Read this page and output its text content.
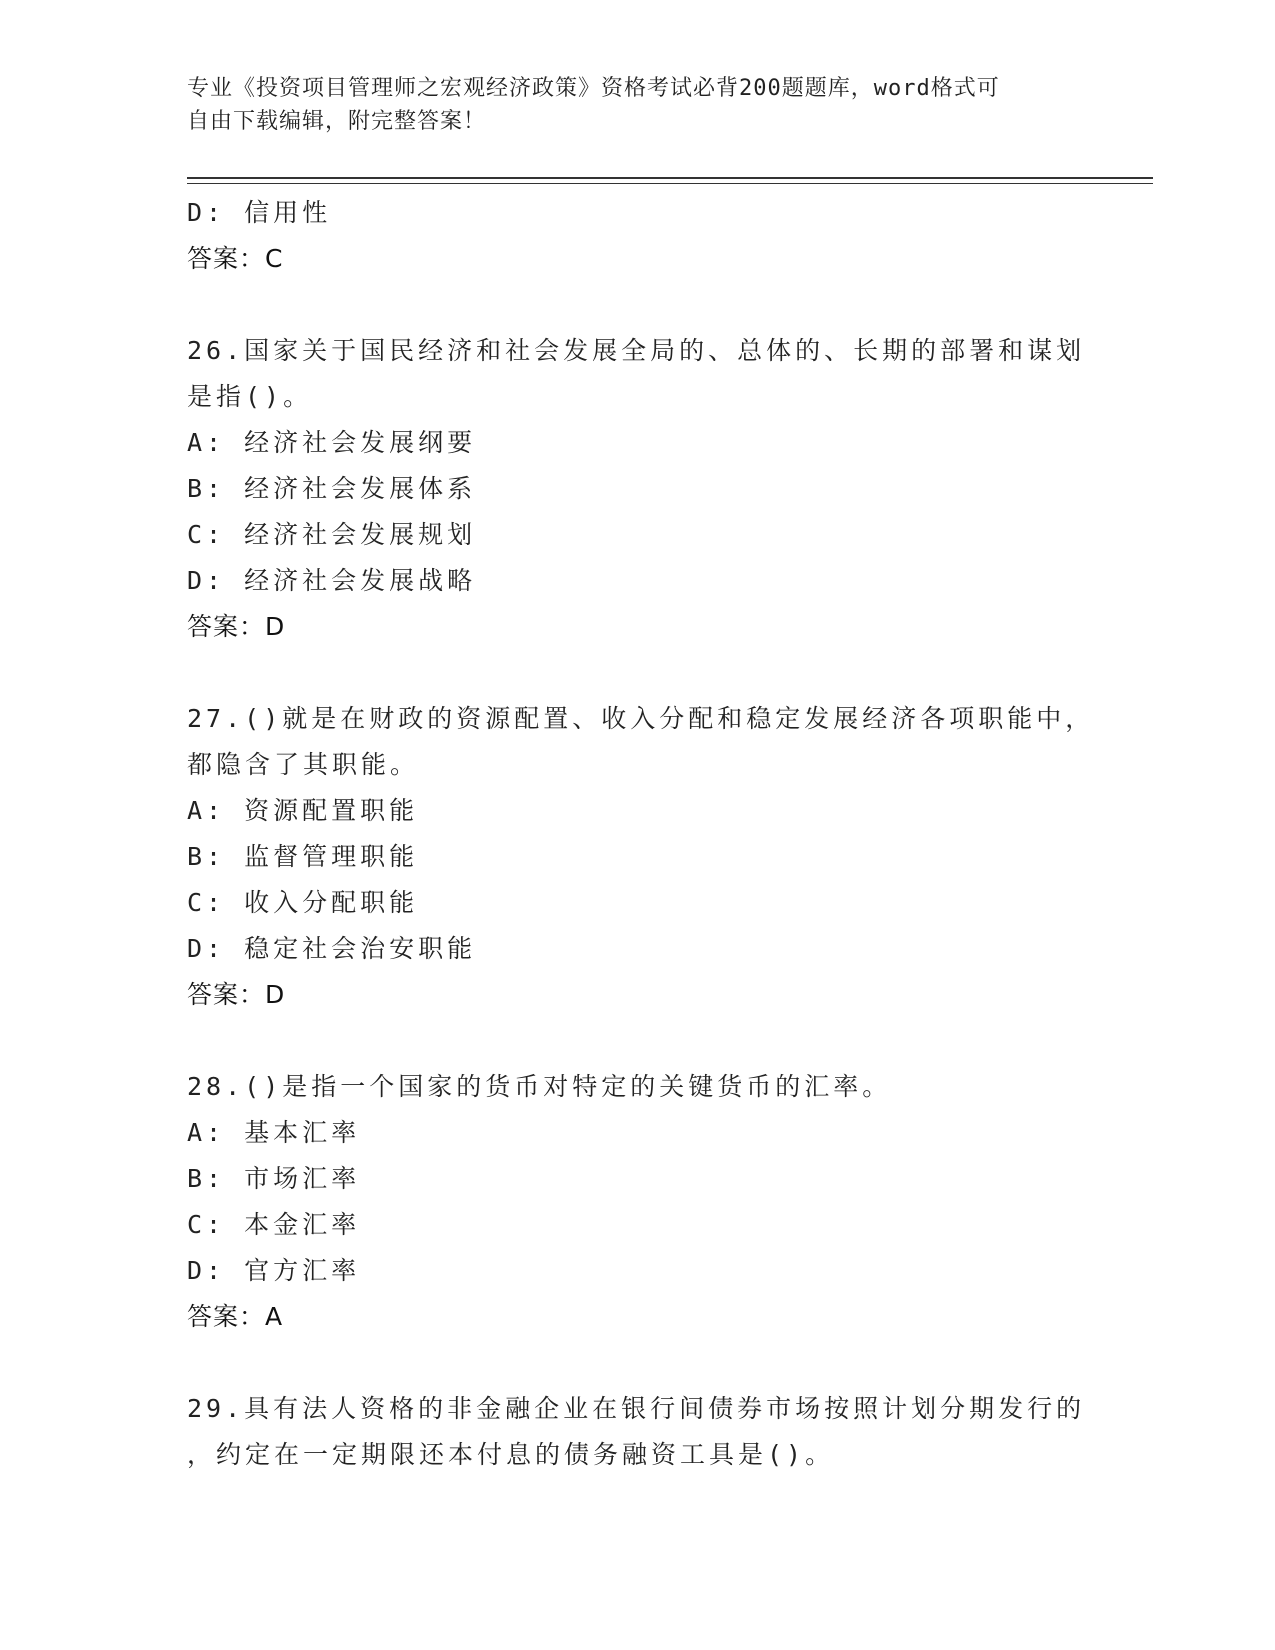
专业《投资项目管理师之宏观经济政策》资格考试必背200题题库，word格式可
自由下载编辑，附完整答案！
D: 信用性
答案：C
26.国家关于国民经济和社会发展全局的、总体的、长期的部署和谋划
是指()。
A: 经济社会发展纲要
B: 经济社会发展体系
C: 经济社会发展规划
D: 经济社会发展战略
答案：D
27.()就是在财政的资源配置、收入分配和稳定发展经济各项职能中，
都隐含了其职能。
A: 资源配置职能
B: 监督管理职能
C: 收入分配职能
D: 稳定社会治安职能
答案：D
28.()是指一个国家的货币对特定的关键货币的汇率。
A: 基本汇率
B: 市场汇率
C: 本金汇率
D: 官方汇率
答案：A
29.具有法人资格的非金融企业在银行间债券市场按照计划分期发行的
，约定在一定期限还本付息的债务融资工具是()。
